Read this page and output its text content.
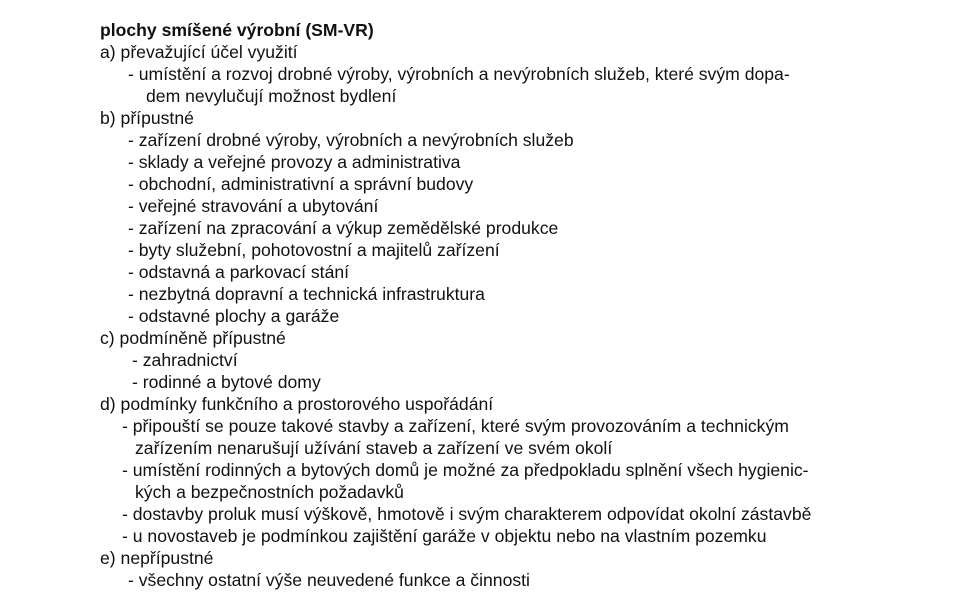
plochy smíšené výrobní (SM-VR)
a) převažující účel využití
- umístění a rozvoj drobné výroby, výrobních a nevýrobních služeb, které svým dopa-
dem nevylučují možnost bydlení
b) přípustné
- zařízení drobné výroby, výrobních a nevýrobních služeb
- sklady a veřejné provozy a administrativa
- obchodní, administrativní a správní budovy
- veřejné stravování a ubytování
- zařízení na zpracování a výkup zemědělské produkce
- byty služební, pohotovostní a majitelů zařízení
- odstavná a parkovací stání
- nezbytná dopravní a technická infrastruktura
- odstavné plochy a garáže
c) podmíněně přípustné
- zahradnictví
- rodinné a bytové domy
d) podmínky funkčního a prostorového uspořádání
- připouští se pouze takové stavby a zařízení, které svým provozováním a technickým
zařízením nenarušují užívání staveb a zařízení ve svém okolí
- umístění rodinných a bytových domů je možné za předpokladu splnění všech hygienic-
kých a bezpečnostních požadavků
- dostavby proluk musí výškově, hmotově i svým charakterem odpovídat okolní zástavbě
- u novostaveb je podmínkou zajištění garáže v objektu nebo na vlastním pozemku
e) nepřípustné
- všechny ostatní výše neuvedené funkce a činnosti
